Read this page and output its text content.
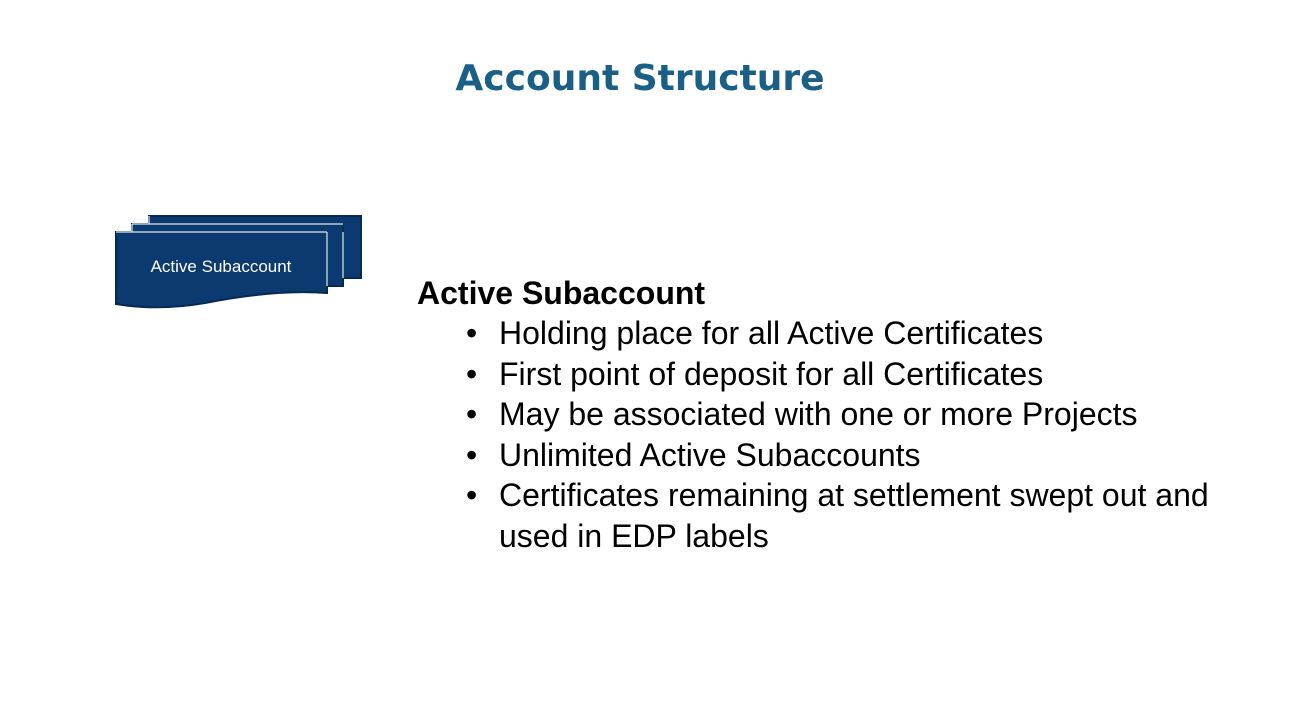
Account Structure
Active Subaccount
Active Subaccount
• Holding place for all Active Certificates
• First point of deposit for all Certificates
• May be associated with one or more Projects
• Unlimited Active Subaccounts
• Certificates remaining at settlement swept out and used in EDP labels
